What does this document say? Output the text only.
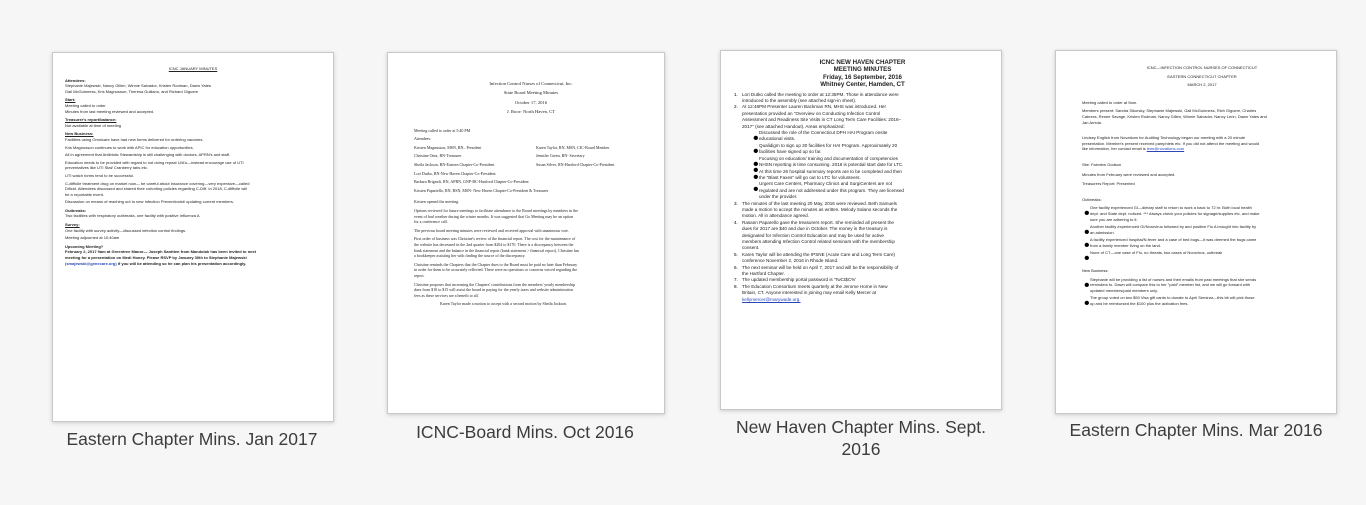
ICNC JANUARY MINUTES
Attendees:
Stephanie Majewski, Nancy Gillen, Winnie Salvador, Kristen Rodman, Dawn Yates
Gail McGuinness, Kris Magnusson, Theresa Guiliano, and Richard Giguere
Start:
Meeting called to order
Minutes from last meeting reviewed and accepted.
Treasurer's report/balance:
Not available at time of meeting
New Business:
Facilities using Omnicare have had new forms delivered for ordering vaccines.
Kris Magnusson continues to work with APIC for education opportunities.
All in agreement that Antibiotic Stewardship is still challenging with doctors, APRN's and staff.
Education needs to be provided with regard to not doing repeat U/A's—instead encourage use of UTI
preventatives like UTI Stat/ Cranberry tabs etc.
UTI watch forms tend to be successful.
C-difficile treatment drug on market now— be careful about insurance covering—very expensive—called
Dificid. Attendees discussed and shared their cohorting policies regarding C-Diff. In 2018, C-difficile will
be a reportable event.
Discussion on means of reaching out to new Infection Preventionist/ updating current members.
Outbreaks:
Two facilities with respiratory outbreaks, one facility with positive Influenza A
Survey:
One facility with survey activity—discussed infection control findings.
Meeting adjourned at 10:40am
Upcoming Meeting?
February 2, 2017 9am at Greentree Manor— Joseph Santtien from Mandolah has been invited to next
meeting for a presentation on Medi Honey. Please RSVP by January 30th to Stephanie Majewski
(smajewski@genecare.org) if you will be attending so he can plan his presentation accordingly.
Eastern Chapter Mins. Jan 2017
Infection Control Nurses of Connecticut, Inc.
State Board Meeting Minutes
October 17, 2016
J. Roos- North Haven, CT
Meeting called to order at 5:40 PM
Attendees:
Kristen Magnusson, MSN, RN– President	Karen Taylor, RN, MSN, CIC-Board Member
Christine Oniz, RN-Treasurer	Jennifer Green, RN- Secretary
Sheila Jackson, RN-Eastern Chapter-Co-President	Susan Silver, RN-Hartford Chapter-Co-President
Lori Dutko, RN-New Haven Chapter-Co-President
Barbara Brignoli, RN, APRN, GNP-BC-Hartford Chapter-Co-President
Kristen Papariello, RN, BSN, MSN- New Haven Chapter-Co-President & Treasurer
Kristen opened the meeting.
Options reviewed for future meetings to facilitate attendance to the Board meetings by members in the
event of bad weather during the winter months. It was suggested that Go Meeting may be an option
for a conference call.
The previous board meeting minutes were reviewed and received approval with unanimous vote.
First order of business was Christine's review of the financial report. The cost for the maintenance of
the website has decreased in the 2nd quarter from $204 to $170. There is a discrepancy between the
bank statement and the balance in the financial report (bank statement > financial report), Christine has
a bookkeeper assisting her with finding the source of the discrepancy.
Christine reminds the Chapters that the Chapter dues to the Board must be paid no later than February
in order for them to be accurately reflected. There were no questions or concerns voiced regarding the
report.
Christine proposes that increasing the Chapters' contributions from the members' yearly membership
dues from $10 to $15 will assist the board in paying for the yearly taxes and website administration
fees as these services are a benefit to all.
Karen Taylor made a motion to accept with a second motion by Sheila Jackson.
ICNC-Board Mins. Oct 2016
ICNC NEW HAVEN CHAPTER
MEETING MINUTES
Friday, 16 September, 2016
Whitney Center, Hamden, CT
1. Lori Dutko called the meeting to order at 12:35PM. Those in attendance were
introduced to the assembly (see attached sign-in sheet).
2. At 12:48PM Presenter Lauren Backman RN, MHS was introduced. Her
presentation provided an "Overview on Conducting Infection Control
Assessment and Readiness Site Visits in CT Long Term Care Facilities: 2016–
2017" (see attached Handout). Areas emphasized:
• Discussed the role of the Connecticut DPH HAI Program onsite
educational visits.
• Qualidigm to sign up 30 facilities for HAI Program. Approximately 20
facilities have signed up so far.
• Focusing on education/ training and documentation of competencies
• NHSN reporting is time consuming. 2018 is potential start date for LTC.
• At this time 26 hospital summary reports are to be completed and then
the "Blast Faxes" will go out to LTC for volunteers.
• Urgent Care Centers, Pharmacy Clinics and SurgiCenters are not
regulated and are not addressed under this program. They are licensed
under the provider.
3. The minutes of the last meeting 20 May, 2016 were reviewed. Beth Samuels
made a motion to accept the minutes as written. Melody Salano seconds the
motion. All in attendance agreed.
4. Rasann Paparello gave the treasurers report. She reminded all present the
dues for 2017 are $40 and due in October. The money in the treasury is
designated for Infection Control Education and may be used for active
members attending Infection Control related seminars with the membership
consent.
5. Karen Taylor will be attending the IPSNE (Acute Care and Long Term Care)
conference November 2, 2016 in Rhode Island.
6. The next seminar will be held on April 7, 2017 and will be the responsibility of
the Hartford Chapter.
7. The updated membership portal password is 'TwCt$C%'
8. The Education Consortium meets quarterly at the Jerome Home in New
Britain, CT. Anyone interested in joining may email Kelly Mercer at
kellymercer@marywade.org.
New Haven Chapter Mins. Sept. 2016
ICNC—INFECTION CONTROL NURSES OF CONNECTICUT
EASTERN CONNECTICUT CHAPTER
MARCH 2, 2017
Meeting called to order at 9am.
Members present: Sandra Sikorsky, Stephanie Majewski, Gail McGuinness, Rich Giguere, Charles
Cabrera, Renee Savage, Kristen Rodman, Nancy Gillen, Winnie Salvador, Nancy Lenn, Dawn Yates and
Jan Arriola.
Lindsey English from Novations for Auditing Technology began our meeting with a 20 minute
presentation. Member's present received pamphlets etc. If you did not attend the meeting and would
like information, her contact email is lenn@novations.com
Site: Fairview Godson
Minutes from February were reviewed and accepted.
Treasurers Report: Presented
Outbreaks:
• One facility experienced GI—dietary staff to return to work a back to 72 hr. Both local health
dept. and State dept. noticed. *** Always check your policies for signage/supplies etc. and make
sure you are adhering to it.
• Another facility experienced GI/Norovirus followed by and positive Flu A brought into facility by
an admission.
• A facility experienced hospital/N.fever and a case of bed bugs—it was deemed the bugs came
from a family member living on the land.
• None of CT—one case of Flu, no threats, two cases of Norovirus, outbreak
New Business:
• Stephanie will be providing a list of nurses and their emails from past meetings that she sends
reminders to. Dawn will compare this to her "paid" member list, and we will go forward with
updated members/paid members only.
• The group voted on two $50 Visa gift cards to donate to April Seminar—this bit will pick those
up and be reimbursed the $100 plus the activation fees.
Eastern Chapter Mins. Mar 2016
